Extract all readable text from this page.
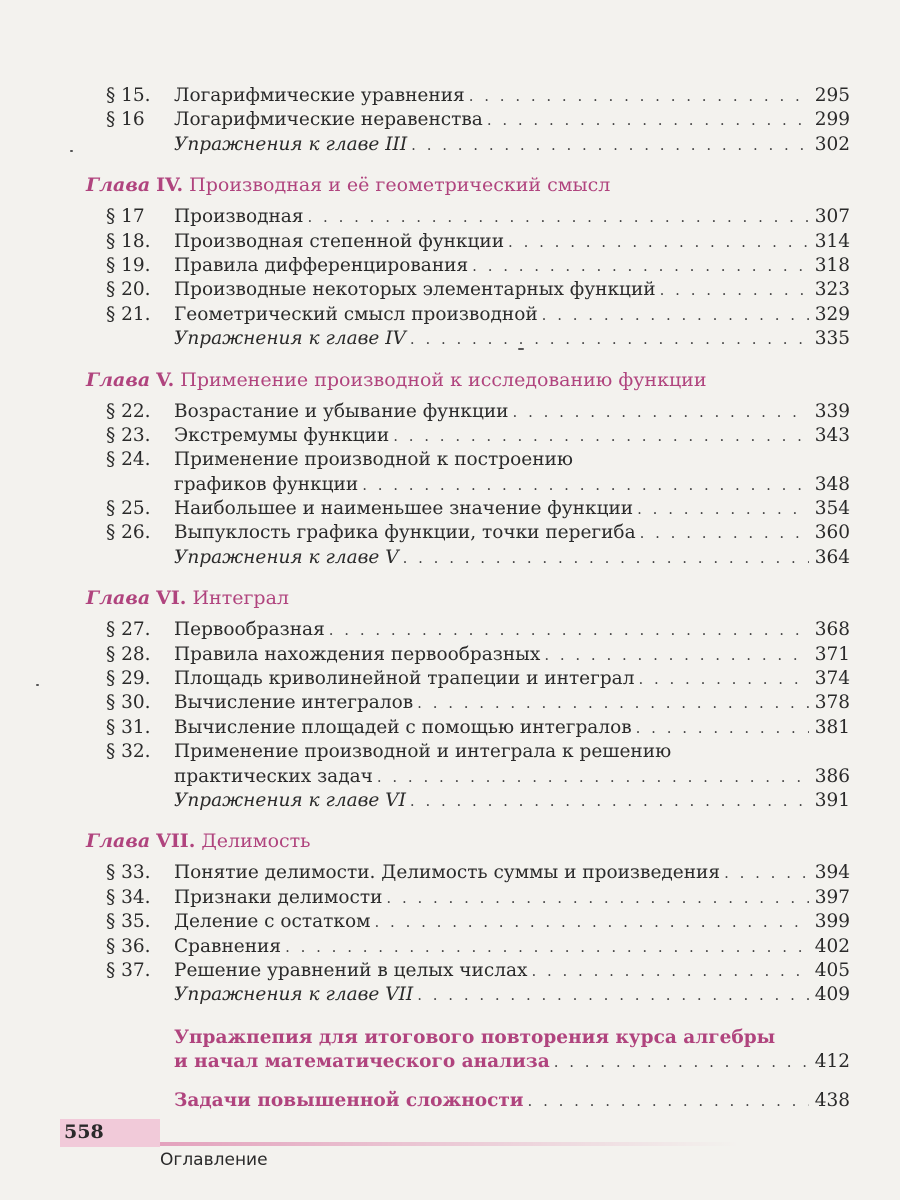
§ 15. Логарифмические уравнения . . .	295
§ 16 Логарифмические неравенства . . .	299
Упражнения к главе III . . .	302
Глава IV. Производная и её геометрический смысл
§ 17 Производная . . .	307
§ 18. Производная степенной функции . . .	314
§ 19. Правила дифференцирования . . .	318
§ 20. Производные некоторых элементарных функций . . .	323
§ 21. Геометрический смысл производной . . .	329
Упражнения к главе IV . . .	335
Глава V. Применение производной к исследованию функции
§ 22. Возрастание и убывание функции . . .	339
§ 23. Экстремумы функции . . .	343
§ 24. Применение производной к построению
графиков функции . . .	348
§ 25. Наибольшее и наименьшее значение функции . . .	354
§ 26. Выпуклость графика функции, точки перегиба . . .	360
Упражнения к главе V . . .	364
Глава VI. Интеграл
§ 27. Первообразная . . .	368
§ 28. Правила нахождения первообразных . . .	371
§ 29. Площадь криволинейной трапеции и интеграл . . .	374
§ 30. Вычисление интегралов . . .	378
§ 31. Вычисление площадей с помощью интегралов . . .	381
§ 32. Применение производной и интеграла к решению
практических задач . . .	386
Упражнения к главе VI . . .	391
Глава VII. Делимость
§ 33. Понятие делимости. Делимость суммы и произведения . . .	394
§ 34. Признаки делимости . . .	397
§ 35. Деление с остатком . . .	399
§ 36. Сравнения . . .	402
§ 37. Решение уравнений в целых числах . . .	405
Упражнения к главе VII . . .	409
Упражпепия для итогового повторения курса алгебры
и начал математического анализа . . .	412
Задачи повышенной сложности . . .	438
558
Оглавление
